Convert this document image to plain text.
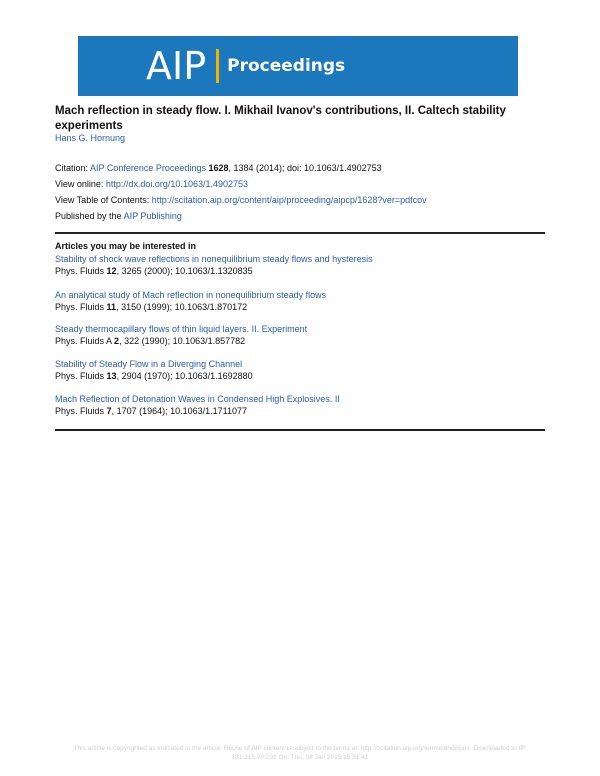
AIP Proceedings
Mach reflection in steady flow. I. Mikhail Ivanov's contributions, II. Caltech stability experiments
Hans G. Hornung
Citation: AIP Conference Proceedings 1628, 1384 (2014); doi: 10.1063/1.4902753
View online: http://dx.doi.org/10.1063/1.4902753
View Table of Contents: http://scitation.aip.org/content/aip/proceeding/aipcp/1628?ver=pdfcov
Published by the AIP Publishing
Articles you may be interested in
Stability of shock wave reflections in nonequilibrium steady flows and hysteresis
Phys. Fluids 12, 3265 (2000); 10.1063/1.1320835
An analytical study of Mach reflection in nonequilibrium steady flows
Phys. Fluids 11, 3150 (1999); 10.1063/1.870172
Steady thermocapillary flows of thin liquid layers. II. Experiment
Phys. Fluids A 2, 322 (1990); 10.1063/1.857782
Stability of Steady Flow in a Diverging Channel
Phys. Fluids 13, 2904 (1970); 10.1063/1.1692880
Mach Reflection of Detonation Waves in Condensed High Explosives. II
Phys. Fluids 7, 1707 (1964); 10.1063/1.1711077
This article is copyrighted as indicated in the article. Reuse of AIP content is subject to the terms at: http://scitation.aip.org/termsconditions. Downloaded to IP:
131.215.70.231 On: Thu, 08 Jan 2015 15:51:41
